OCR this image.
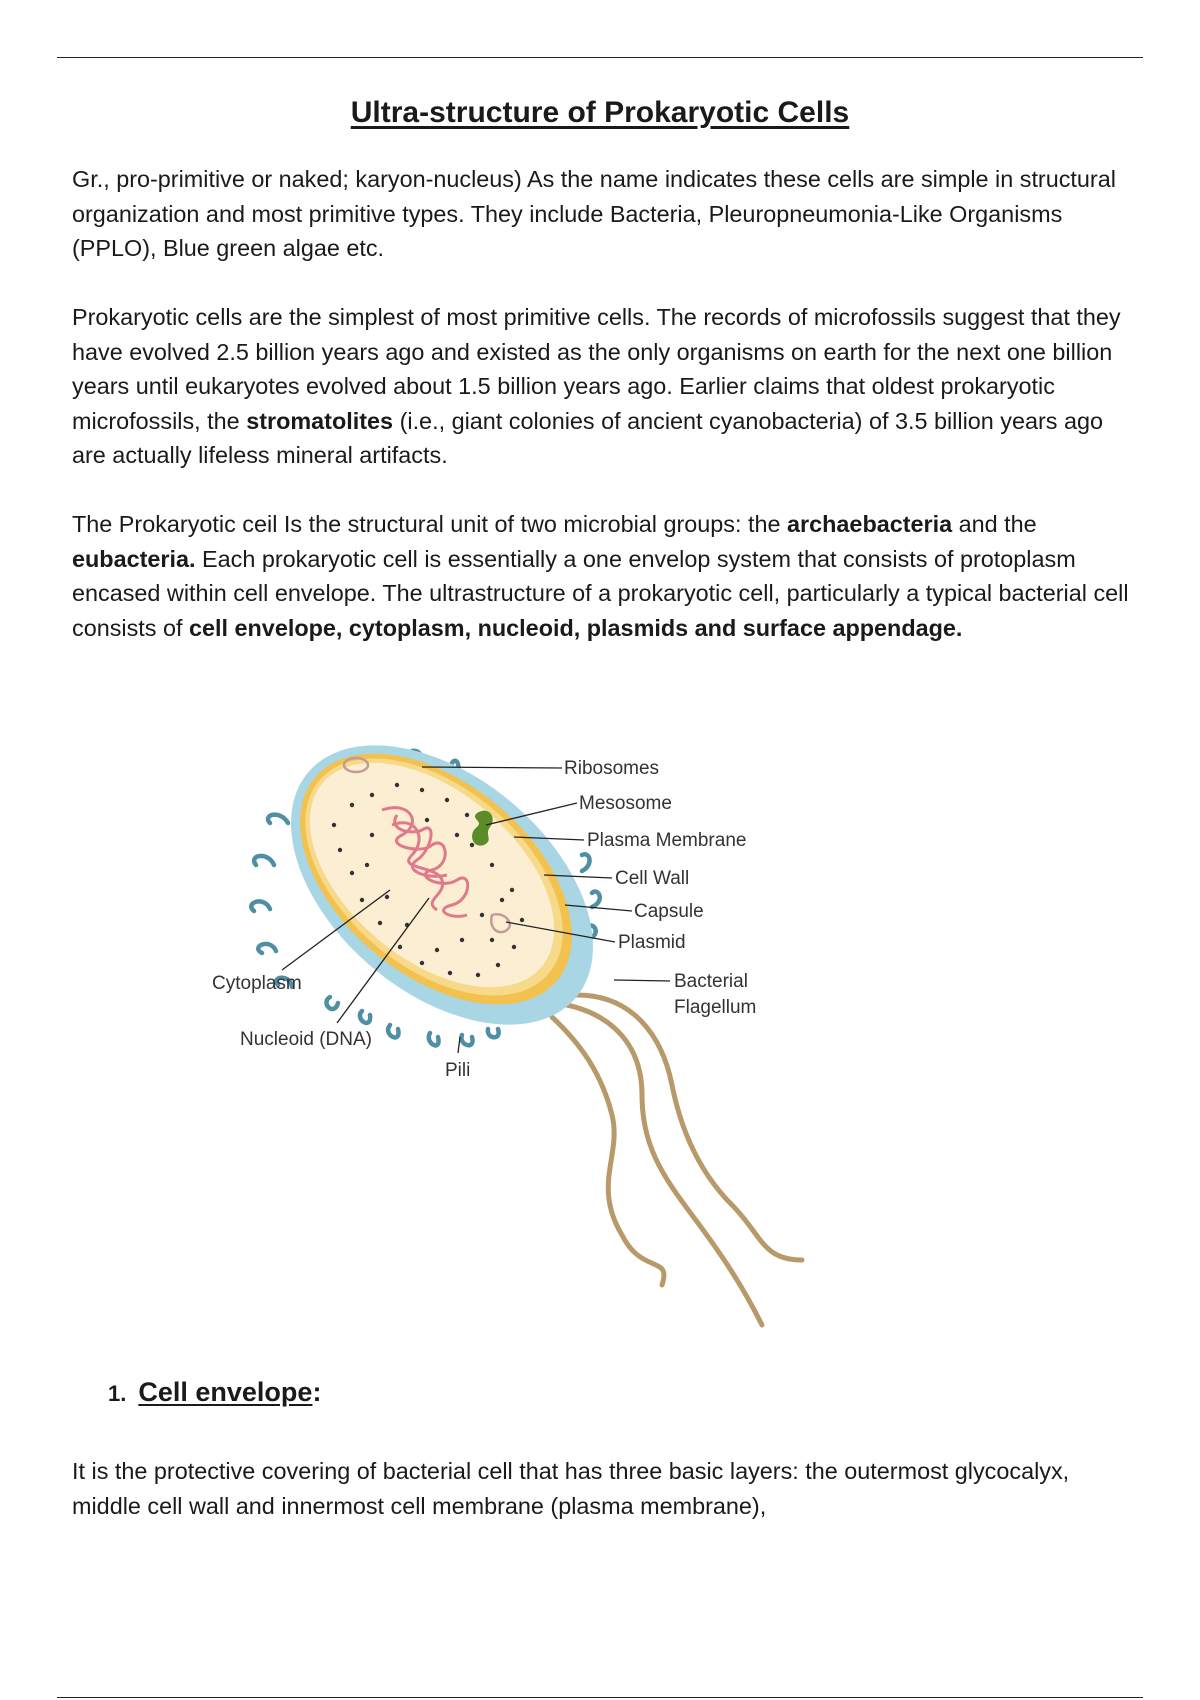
Ultra-structure of Prokaryotic Cells

Gr., pro-primitive or naked; karyon-nucleus) As the name indicates these cells are simple in structural organization and most primitive types. They include Bacteria, Pleuropneumonia-Like Organisms (PPLO), Blue green algae etc.

Prokaryotic cells are the simplest of most primitive cells. The records of microfossils suggest that they have evolved 2.5 billion years ago and existed as the only organisms on earth for the next one billion years until eukaryotes evolved about 1.5 billion years ago. Earlier claims that oldest prokaryotic microfossils, the stromatolites (i.e., giant colonies of ancient cyanobacteria) of 3.5 billion years ago are actually lifeless mineral artifacts.

The Prokaryotic ceil Is the structural unit of two microbial groups: the archaebacteria and the eubacteria. Each prokaryotic cell is essentially a one envelop system that consists of protoplasm encased within cell envelope. The ultrastructure of a prokaryotic cell, particularly a typical bacterial cell consists of cell envelope, cytoplasm, nucleoid, plasmids and surface appendage.

Ribosomes
Mesosome
Plasma Membrane
Cell Wall
Capsule
Plasmid
Bacterial
Flagellum
Cytoplasm
Nucleoid (DNA)
Pili
1. Cell envelope:

It is the protective covering of bacterial cell that has three basic layers: the outermost glycocalyx, middle cell wall and innermost cell membrane (plasma membrane),
